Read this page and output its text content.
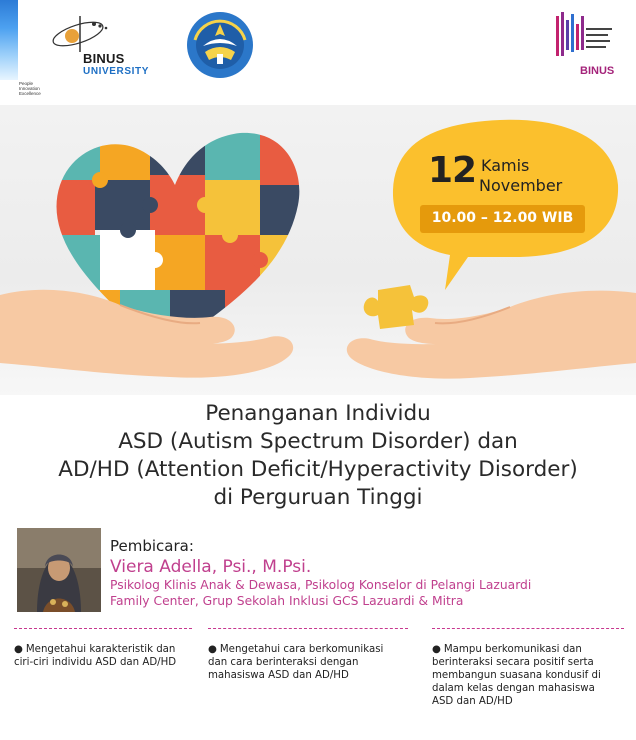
People
Innovation
Excellence
BINUS
UNIVERSITY	BINUS
12 Kamis
November
10.00 – 12.00 WIB
Penanganan Individu
ASD (Autism Spectrum Disorder) dan
AD/HD (Attention Deficit/Hyperactivity Disorder)
di Perguruan Tinggi
Pembicara:
Viera Adella, Psi., M.Psi.
Psikolog Klinis Anak & Dewasa, Psikolog Konselor di Pelangi Lazuardi
Family Center, Grup Sekolah Inklusi GCS Lazuardi & Mitra
● Mengetahui karakteristik dan
ciri-ciri individu ASD dan AD/HD
● Mengetahui cara berkomunikasi
dan cara berinteraksi dengan
mahasiswa ASD dan AD/HD
● Mampu berkomunikasi dan
berinteraksi secara positif serta
membangun suasana kondusif di
dalam kelas dengan mahasiswa
ASD dan AD/HD
